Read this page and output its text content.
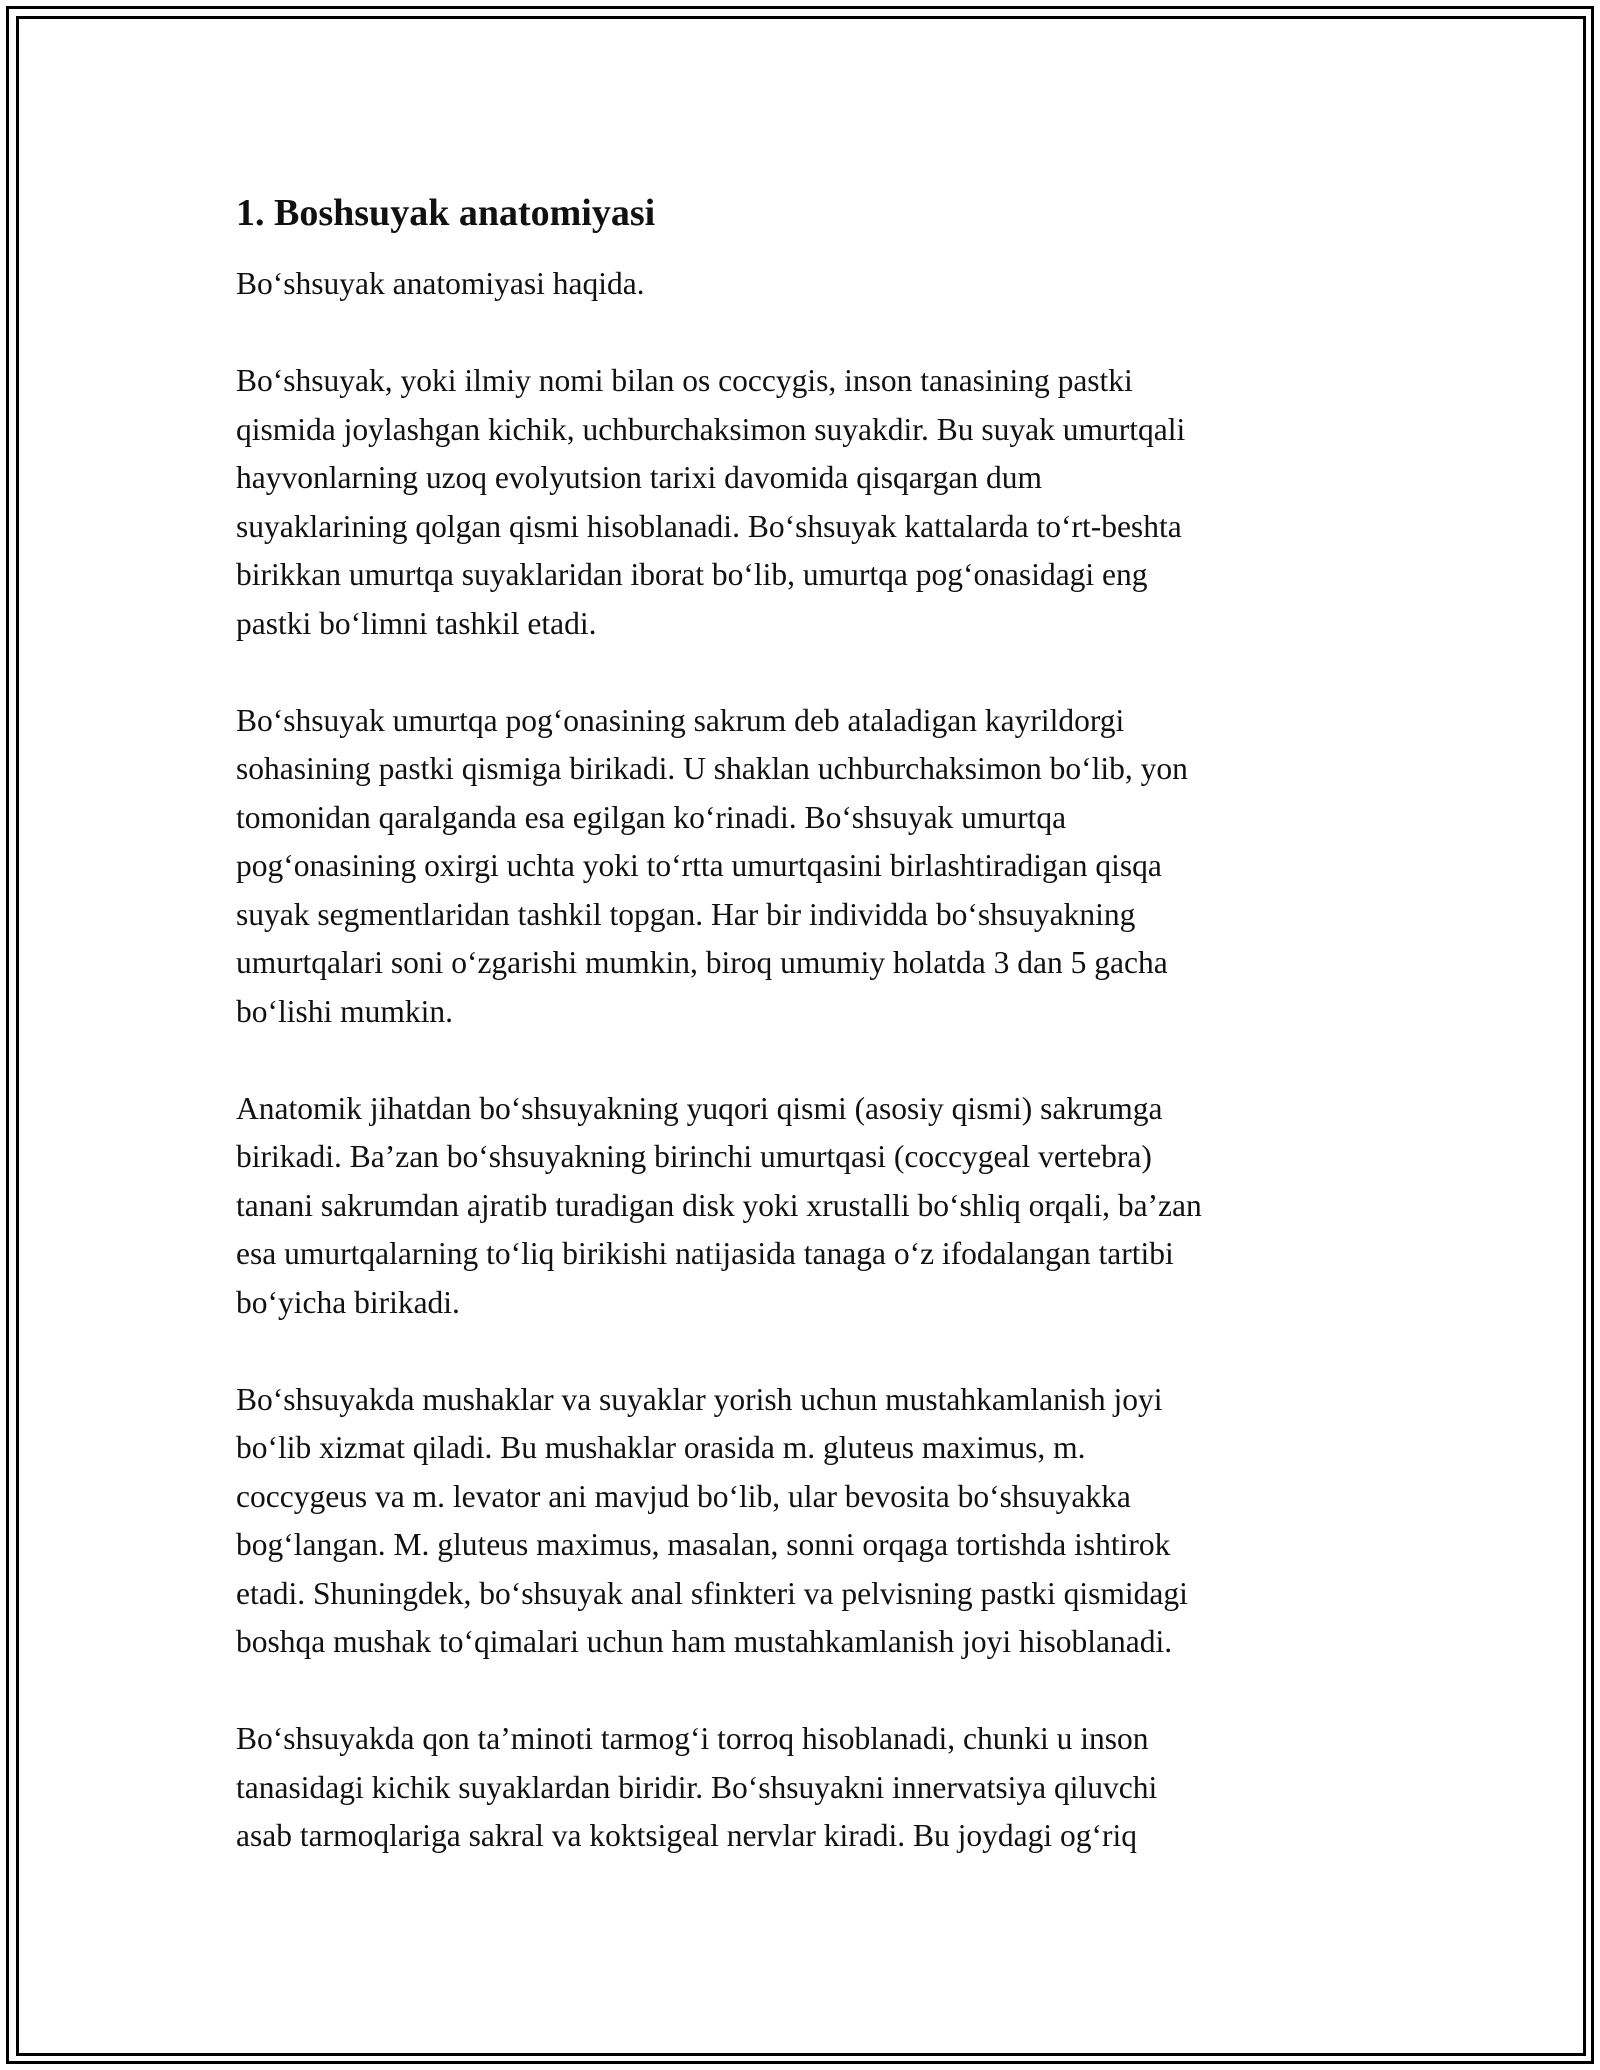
1. Boshsuyak anatomiyasi

Bo‘shsuyak anatomiyasi haqida.

Bo‘shsuyak, yoki ilmiy nomi bilan os coccygis, inson tanasining pastki
qismida joylashgan kichik, uchburchaksimon suyakdir. Bu suyak umurtqali
hayvonlarning uzoq evolyutsion tarixi davomida qisqargan dum
suyaklarining qolgan qismi hisoblanadi. Bo‘shsuyak kattalarda to‘rt-beshta
birikkan umurtqa suyaklaridan iborat bo‘lib, umurtqa pog‘onasidagi eng
pastki bo‘limni tashkil etadi.

Bo‘shsuyak umurtqa pog‘onasining sakrum deb ataladigan kayrildorgi
sohasining pastki qismiga birikadi. U shaklan uchburchaksimon bo‘lib, yon
tomonidan qaralganda esa egilgan ko‘rinadi. Bo‘shsuyak umurtqa
pog‘onasining oxirgi uchta yoki to‘rtta umurtqasini birlashtiradigan qisqa
suyak segmentlaridan tashkil topgan. Har bir individda bo‘shsuyakning
umurtqalari soni o‘zgarishi mumkin, biroq umumiy holatda 3 dan 5 gacha
bo‘lishi mumkin.

Anatomik jihatdan bo‘shsuyakning yuqori qismi (asosiy qismi) sakrumga
birikadi. Ba’zan bo‘shsuyakning birinchi umurtqasi (coccygeal vertebra)
tanani sakrumdan ajratib turadigan disk yoki xrustalli bo‘shliq orqali, ba’zan
esa umurtqalarning to‘liq birikishi natijasida tanaga o‘z ifodalangan tartibi
bo‘yicha birikadi.

Bo‘shsuyakda mushaklar va suyaklar yorish uchun mustahkamlanish joyi
bo‘lib xizmat qiladi. Bu mushaklar orasida m. gluteus maximus, m.
coccygeus va m. levator ani mavjud bo‘lib, ular bevosita bo‘shsuyakka
bog‘langan. M. gluteus maximus, masalan, sonni orqaga tortishda ishtirok
etadi. Shuningdek, bo‘shsuyak anal sfinkteri va pelvisning pastki qismidagi
boshqa mushak to‘qimalari uchun ham mustahkamlanish joyi hisoblanadi.

Bo‘shsuyakda qon ta’minoti tarmog‘i torroq hisoblanadi, chunki u inson
tanasidagi kichik suyaklardan biridir. Bo‘shsuyakni innervatsiya qiluvchi
asab tarmoqlariga sakral va koktsigeal nervlar kiradi. Bu joydagi og‘riq
